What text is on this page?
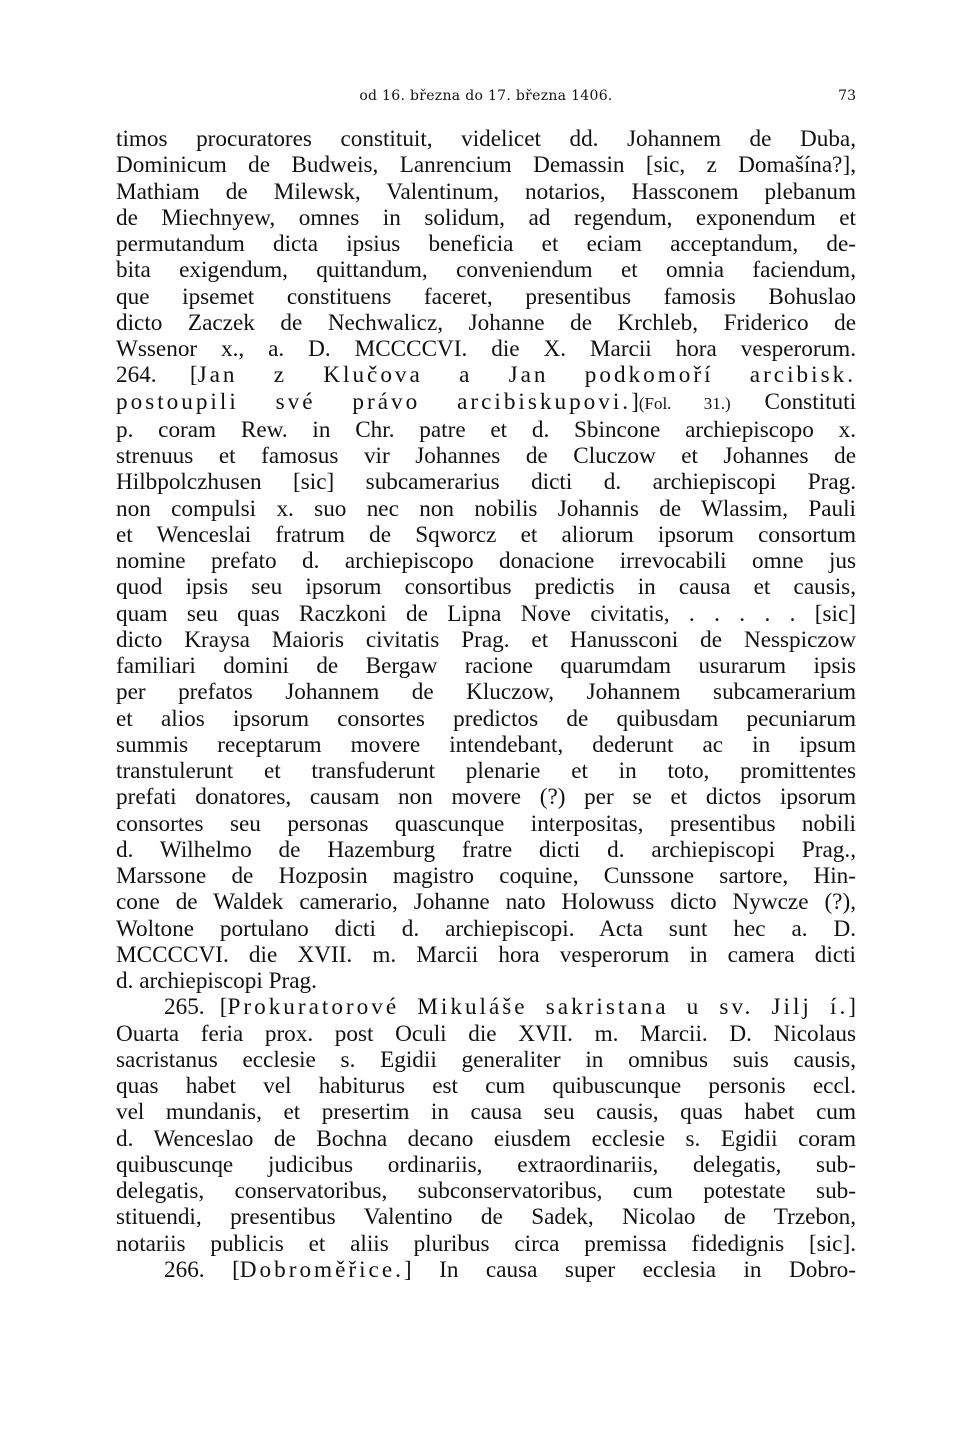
od 16. března do 17. března 1406.	73
timos procuratores constituit, videlicet dd. Johannem de Duba,
Dominicum de Budweis, Lanrencium Demassin [sic, z Domašína?],
Mathiam de Milewsk, Valentinum, notarios, Hassconem plebanum
de Miechnyew, omnes in solidum, ad regendum, exponendum et
permutandum dicta ipsius beneficia et eciam acceptandum, de-
bita exigendum, quittandum, conveniendum et omnia faciendum,
que ipsemet constituens faceret, presentibus famosis Bohuslao
dicto Zaczek de Nechwalicz, Johanne de Krchleb, Friderico de
Wssenor x., a. D. MCCCCVI. die X. Marcii hora vesperorum.
264. [Jan z Klučova a Jan podkomoří arcibisk.
postoupili své právo arcibiskupovi.](Fol. 31.) Constituti
p. coram Rew. in Chr. patre et d. Sbincone archiepiscopo x.
strenuus et famosus vir Johannes de Cluczow et Johannes de
Hilbpolczhusen [sic] subcamerarius dicti d. archiepiscopi Prag.
non compulsi x. suo nec non nobilis Johannis de Wlassim, Pauli
et Wenceslai fratrum de Sqworcz et aliorum ipsorum consortum
nomine prefato d. archiepiscopo donacione irrevocabili omne jus
quod ipsis seu ipsorum consortibus predictis in causa et causis,
quam seu quas Raczkoni de Lipna Nove civitatis, . . . . . [sic]
dicto Kraysa Maioris civitatis Prag. et Hanussconi de Nesspiczow
familiari domini de Bergaw racione quarumdam usurarum ipsis
per prefatos Johannem de Kluczow, Johannem subcamerarium
et alios ipsorum consortes predictos de quibusdam pecuniarum
summis receptarum movere intendebant, dederunt ac in ipsum
transtulerunt et transfuderunt plenarie et in toto, promittentes
prefati donatores, causam non movere (?) per se et dictos ipsorum
consortes seu personas quascunque interpositas, presentibus nobili
d. Wilhelmo de Hazemburg fratre dicti d. archiepiscopi Prag.,
Marssone de Hozposin magistro coquine, Cunssone sartore, Hin-
cone de Waldek camerario, Johanne nato Holowuss dicto Nywcze (?),
Woltone portulano dicti d. archiepiscopi. Acta sunt hec a. D.
MCCCCVI. die XVII. m. Marcii hora vesperorum in camera dicti
d. archiepiscopi Prag.
265. [Prokuratorové Mikuláše sakristana u sv. Jilj í.]
Ouarta feria prox. post Oculi die XVII. m. Marcii. D. Nicolaus
sacristanus ecclesie s. Egidii generaliter in omnibus suis causis,
quas habet vel habiturus est cum quibuscunque personis eccl.
vel mundanis, et presertim in causa seu causis, quas habet cum
d. Wenceslao de Bochna decano eiusdem ecclesie s. Egidii coram
quibuscunqe judicibus ordinariis, extraordinariis, delegatis, sub-
delegatis, conservatoribus, subconservatoribus, cum potestate sub-
stituendi, presentibus Valentino de Sadek, Nicolao de Trzebon,
notariis publicis et aliis pluribus circa premissa fidedignis [sic].
266. [Dobroměřice.] In causa super ecclesia in Dobro-
